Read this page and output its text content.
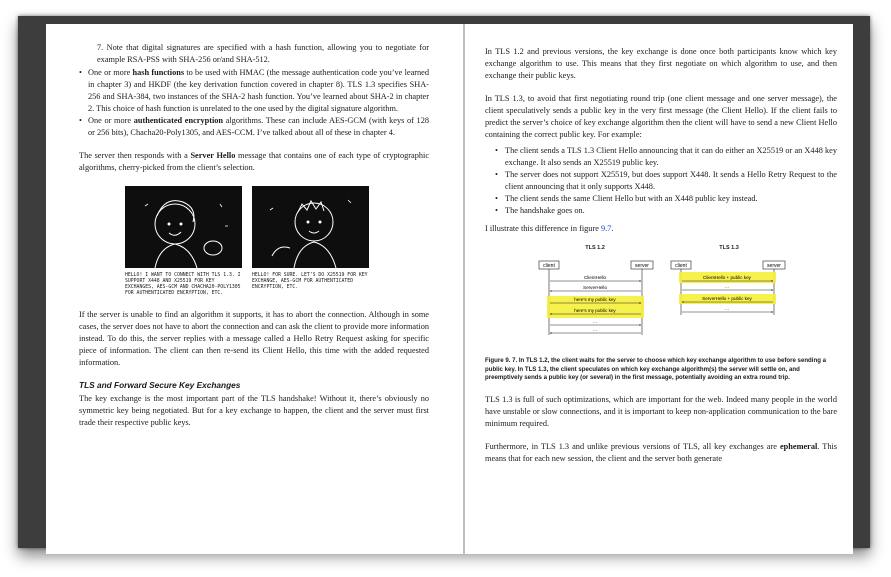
7. Note that digital signatures are specified with a hash function, allowing you to negotiate for example RSA-PSS with SHA-256 or/and SHA-512.

• One or more hash functions to be used with HMAC (the message authentication code you’ve learned in chapter 3) and HKDF (the key derivation function covered in chapter 8). TLS 1.3 specifies SHA-256 and SHA-384, two instances of the SHA-2 hash function. You’ve learned about SHA-2 in chapter 2. This choice of hash function is unrelated to the one used by the digital signature algorithm.
• One or more authenticated encryption algorithms. These can include AES-GCM (with keys of 128 or 256 bits), Chacha20-Poly1305, and AES-CCM. I’ve talked about all of these in chapter 4.

The server then responds with a Server Hello message that contains one of each type of cryptographic algorithms, cherry-picked from the client’s selection.

HELLO! I WANT TO CONNECT WITH TLS 1.3. I SUPPORT X448 AND X25519 FOR KEY EXCHANGES, AES-GCM AND CHACHA20-POLY1305 FOR AUTHENTICATED ENCRYPTION, ETC.
HELLO! FOR SURE. LET’S DO X25519 FOR KEY EXCHANGE, AES-GCM FOR AUTHENTICATED ENCRYPTION, ETC.

If the server is unable to find an algorithm it supports, it has to abort the connection. Although in some cases, the server does not have to abort the connection and can ask the client to provide more information instead. To do this, the server replies with a message called a Hello Retry Request asking for specific piece of information. The client can then re-send its Client Hello, this time with the added requested information.

TLS and Forward Secure Key Exchanges

The key exchange is the most important part of the TLS handshake! Without it, there’s obviously no symmetric key being negotiated. But for a key exchange to happen, the client and the server must first trade their respective public keys.

In TLS 1.2 and previous versions, the key exchange is done once both participants know which key exchange algorithm to use. This means that they first negotiate on which algorithm to use, and then exchange their public keys.

In TLS 1.3, to avoid that first negotiating round trip (one client message and one server message), the client speculatively sends a public key in the very first message (the Client Hello). If the client fails to predict the server’s choice of key exchange algorithm then the client will have to send a new Client Hello containing the correct public key. For example:

• The client sends a TLS 1.3 Client Hello announcing that it can do either an X25519 or an X448 key exchange. It also sends an X25519 public key.
• The server does not support X25519, but does support X448. It sends a Hello Retry Request to the client announcing that it only supports X448.
• The client sends the same Client Hello but with an X448 public key instead.
• The handshake goes on.

I illustrate this difference in figure 9.7.

TLS 1.2	TLS 1.3
client	server
ClientHello
ServerHello
here's my public key
here's my public key
...
...
client	server
ClientHello + public key
...
ServerHello + public key
...
Figure 9. 7. In TLS 1.2, the client waits for the server to choose which key exchange algorithm to use before sending a public key. In TLS 1.3, the client speculates on which key exchange algorithm(s) the server will settle on, and preemptively sends a public key (or several) in the first message, potentially avoiding an extra round trip.

TLS 1.3 is full of such optimizations, which are important for the web. Indeed many people in the world have unstable or slow connections, and it is important to keep non-application communication to the bare minimum required.

Furthermore, in TLS 1.3 and unlike previous versions of TLS, all key exchanges are ephemeral. This means that for each new session, the client and the server both generate
